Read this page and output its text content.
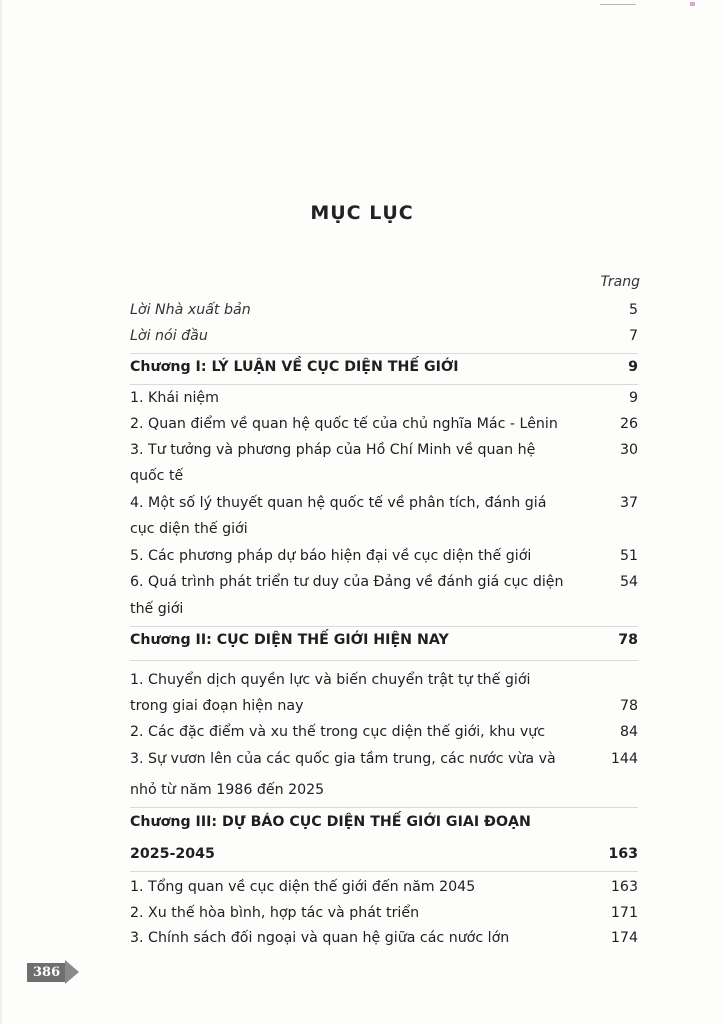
MỤC LỤC
Trang
Lời Nhà xuất bản	5
Lời nói đầu	7
Chương I: LÝ LUẬN VỀ CỤC DIỆN THẾ GIỚI	9
1. Khái niệm	9
2. Quan điểm về quan hệ quốc tế của chủ nghĩa Mác - Lênin	26
3. Tư tưởng và phương pháp của Hồ Chí Minh về quan hệ	30
quốc tế
4. Một số lý thuyết quan hệ quốc tế về phân tích, đánh giá	37
cục diện thế giới
5. Các phương pháp dự báo hiện đại về cục diện thế giới	51
6. Quá trình phát triển tư duy của Đảng về đánh giá cục diện	54
thế giới
Chương II: CỤC DIỆN THẾ GIỚI HIỆN NAY	78
1. Chuyển dịch quyền lực và biến chuyển trật tự thế giới
trong giai đoạn hiện nay	78
2. Các đặc điểm và xu thế trong cục diện thế giới, khu vực	84
3. Sự vươn lên của các quốc gia tầm trung, các nước vừa và	144
nhỏ từ năm 1986 đến 2025
Chương III: DỰ BÁO CỤC DIỆN THẾ GIỚI GIAI ĐOẠN
2025-2045	163
1. Tổng quan về cục diện thế giới đến năm 2045	163
2. Xu thế hòa bình, hợp tác và phát triển	171
3. Chính sách đối ngoại và quan hệ giữa các nước lớn	174
386
